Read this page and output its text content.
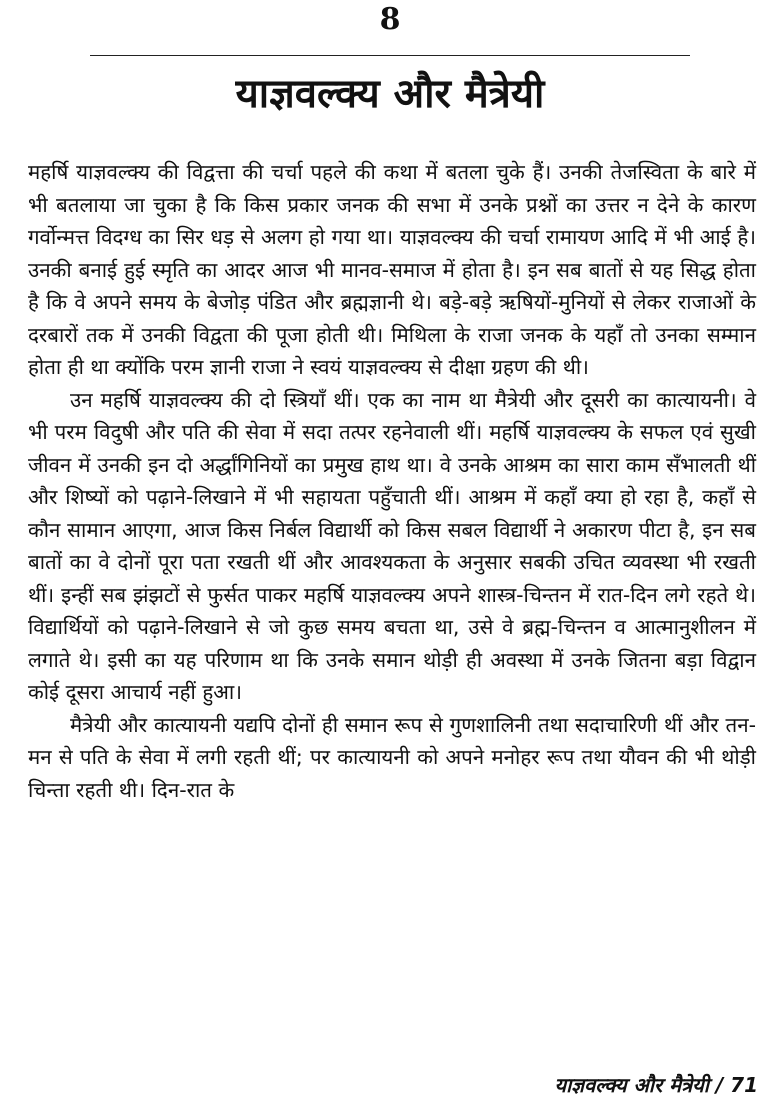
8
याज्ञवल्क्य और मैत्रेयी

महर्षि याज्ञवल्क्य की विद्वत्ता की चर्चा पहले की कथा में बतला चुके हैं। उनकी तेजस्विता के बारे में भी बतलाया जा चुका है कि किस प्रकार जनक की सभा में उनके प्रश्नों का उत्तर न देने के कारण गर्वोन्मत्त विदग्ध का सिर धड़ से अलग हो गया था। याज्ञवल्क्य की चर्चा रामायण आदि में भी आई है। उनकी बनाई हुई स्मृति का आदर आज भी मानव-समाज में होता है। इन सब बातों से यह सिद्ध होता है कि वे अपने समय के बेजोड़ पंडित और ब्रह्मज्ञानी थे। बड़े-बड़े ऋषियों-मुनियों से लेकर राजाओं के दरबारों तक में उनकी विद्वता की पूजा होती थी। मिथिला के राजा जनक के यहाँ तो उनका सम्मान होता ही था क्योंकि परम ज्ञानी राजा ने स्वयं याज्ञवल्क्य से दीक्षा ग्रहण की थी।

उन महर्षि याज्ञवल्क्य की दो स्त्रियाँ थीं। एक का नाम था मैत्रेयी और दूसरी का कात्यायनी। वे भी परम विदुषी और पति की सेवा में सदा तत्पर रहनेवाली थीं। महर्षि याज्ञवल्क्य के सफल एवं सुखी जीवन में उनकी इन दो अर्द्धांगिनियों का प्रमुख हाथ था। वे उनके आश्रम का सारा काम सँभालती थीं और शिष्यों को पढ़ाने-लिखाने में भी सहायता पहुँचाती थीं। आश्रम में कहाँ क्या हो रहा है, कहाँ से कौन सामान आएगा, आज किस निर्बल विद्यार्थी को किस सबल विद्यार्थी ने अकारण पीटा है, इन सब बातों का वे दोनों पूरा पता रखती थीं और आवश्यकता के अनुसार सबकी उचित व्यवस्था भी रखती थीं। इन्हीं सब झंझटों से फुर्सत पाकर महर्षि याज्ञवल्क्य अपने शास्त्र-चिन्तन में रात-दिन लगे रहते थे। विद्यार्थियों को पढ़ाने-लिखाने से जो कुछ समय बचता था, उसे वे ब्रह्म-चिन्तन व आत्मानुशीलन में लगाते थे। इसी का यह परिणाम था कि उनके समान थोड़ी ही अवस्था में उनके जितना बड़ा विद्वान कोई दूसरा आचार्य नहीं हुआ।

मैत्रेयी और कात्यायनी यद्यपि दोनों ही समान रूप से गुणशालिनी तथा सदाचारिणी थीं और तन-मन से पति के सेवा में लगी रहती थीं; पर कात्यायनी को अपने मनोहर रूप तथा यौवन की भी थोड़ी चिन्ता रहती थी। दिन-रात के

याज्ञवल्क्य और मैत्रेयी / 71
